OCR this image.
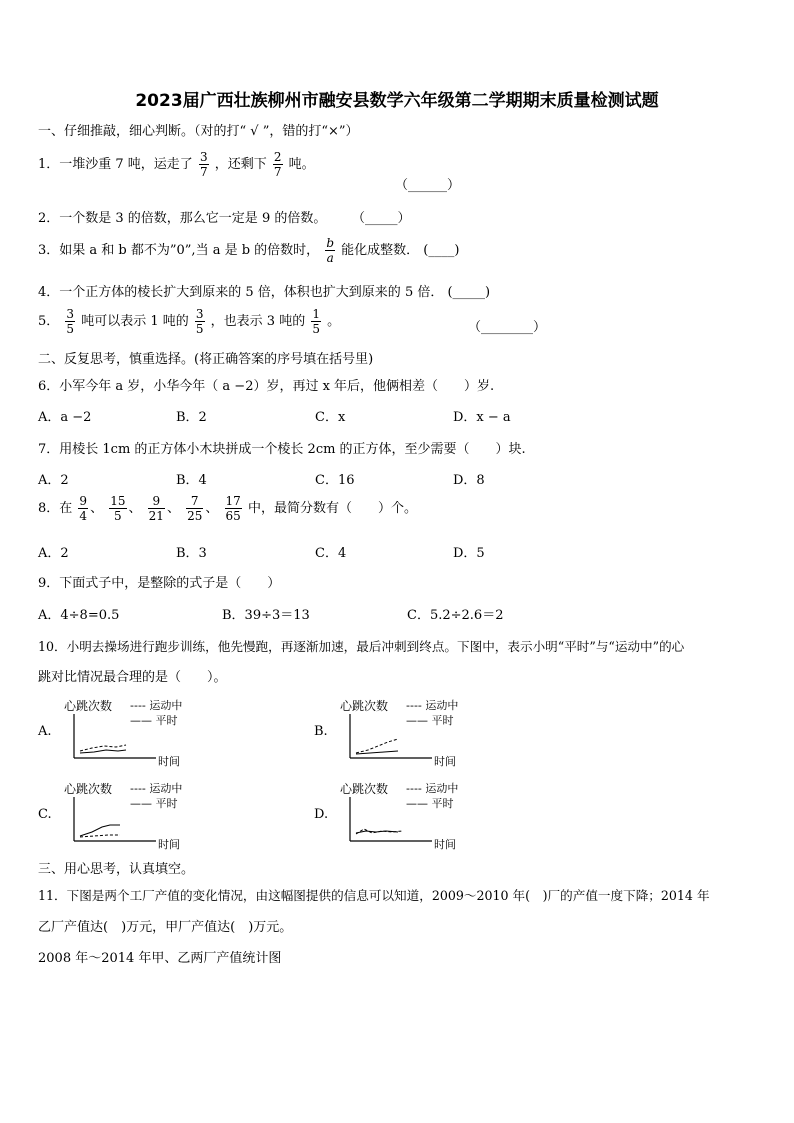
2023届广西壮族柳州市融安县数学六年级第二学期期末质量检测试题
一、仔细推敲，细心判断。（对的打“ √ ”，错的打“×”）
1．一堆沙重 7 吨，运走了 $\frac{3}{7}$ ，还剩下 $\frac{2}{7}$ 吨。
（______）
2．一个数是 3 的倍数，那么它一定是 9 的倍数。 （_____）
3．如果 a 和 b 都不为”0”,当 a 是 b 的倍数时， $\frac{b}{a}$ 能化成整数． (____)
4．一个正方体的棱长扩大到原来的 5 倍，体积也扩大到原来的 5 倍． (_____)
5． $\frac{3}{5}$ 吨可以表示 1 吨的 $\frac{3}{5}$ ，也表示 3 吨的 $\frac{1}{5}$ 。	（________）
二、反复思考，慎重选择。(将正确答案的序号填在括号里)
6．小军今年 a 岁，小华今年（ a −2）岁，再过 x 年后，他俩相差（　　）岁.
A．a −2	B．2	C．x	D．x − a
7．用棱长 1cm 的正方体小木块拼成一个棱长 2cm 的正方体，至少需要（　　）块.
A．2	B．4	C．16	D．8
8．在 $\frac{9}{4}$ 、 $\frac{15}{5}$ 、 $\frac{9}{21}$ 、 $\frac{7}{25}$ 、 $\frac{17}{65}$ 中，最简分数有（　　）个。
A．2	B．3	C．4	D．5
9．下面式子中，是整除的式子是（　　）
A．4÷8=0.5	B．39÷3＝13	C．5.2÷2.6＝2
10．小明去操场进行跑步训练，他先慢跑，再逐渐加速，最后冲刺到终点。下图中，表示小明“平时”与“运动中”的心
跳对比情况最合理的是（　　）。
A.	B.
C.	D.
心跳次数 ---- 运动中
—— 平时
时间
心跳次数 ---- 运动中
—— 平时
时间
心跳次数 ---- 运动中
—— 平时
时间
心跳次数 ---- 运动中
—— 平时
时间
三、用心思考，认真填空。
11．下图是两个工厂产值的变化情况，由这幅图提供的信息可以知道，2009～2010 年(　)厂的产值一度下降；2014 年
乙厂产值达(　)万元，甲厂产值达(　)万元。
2008 年～2014 年甲、乙两厂产值统计图
